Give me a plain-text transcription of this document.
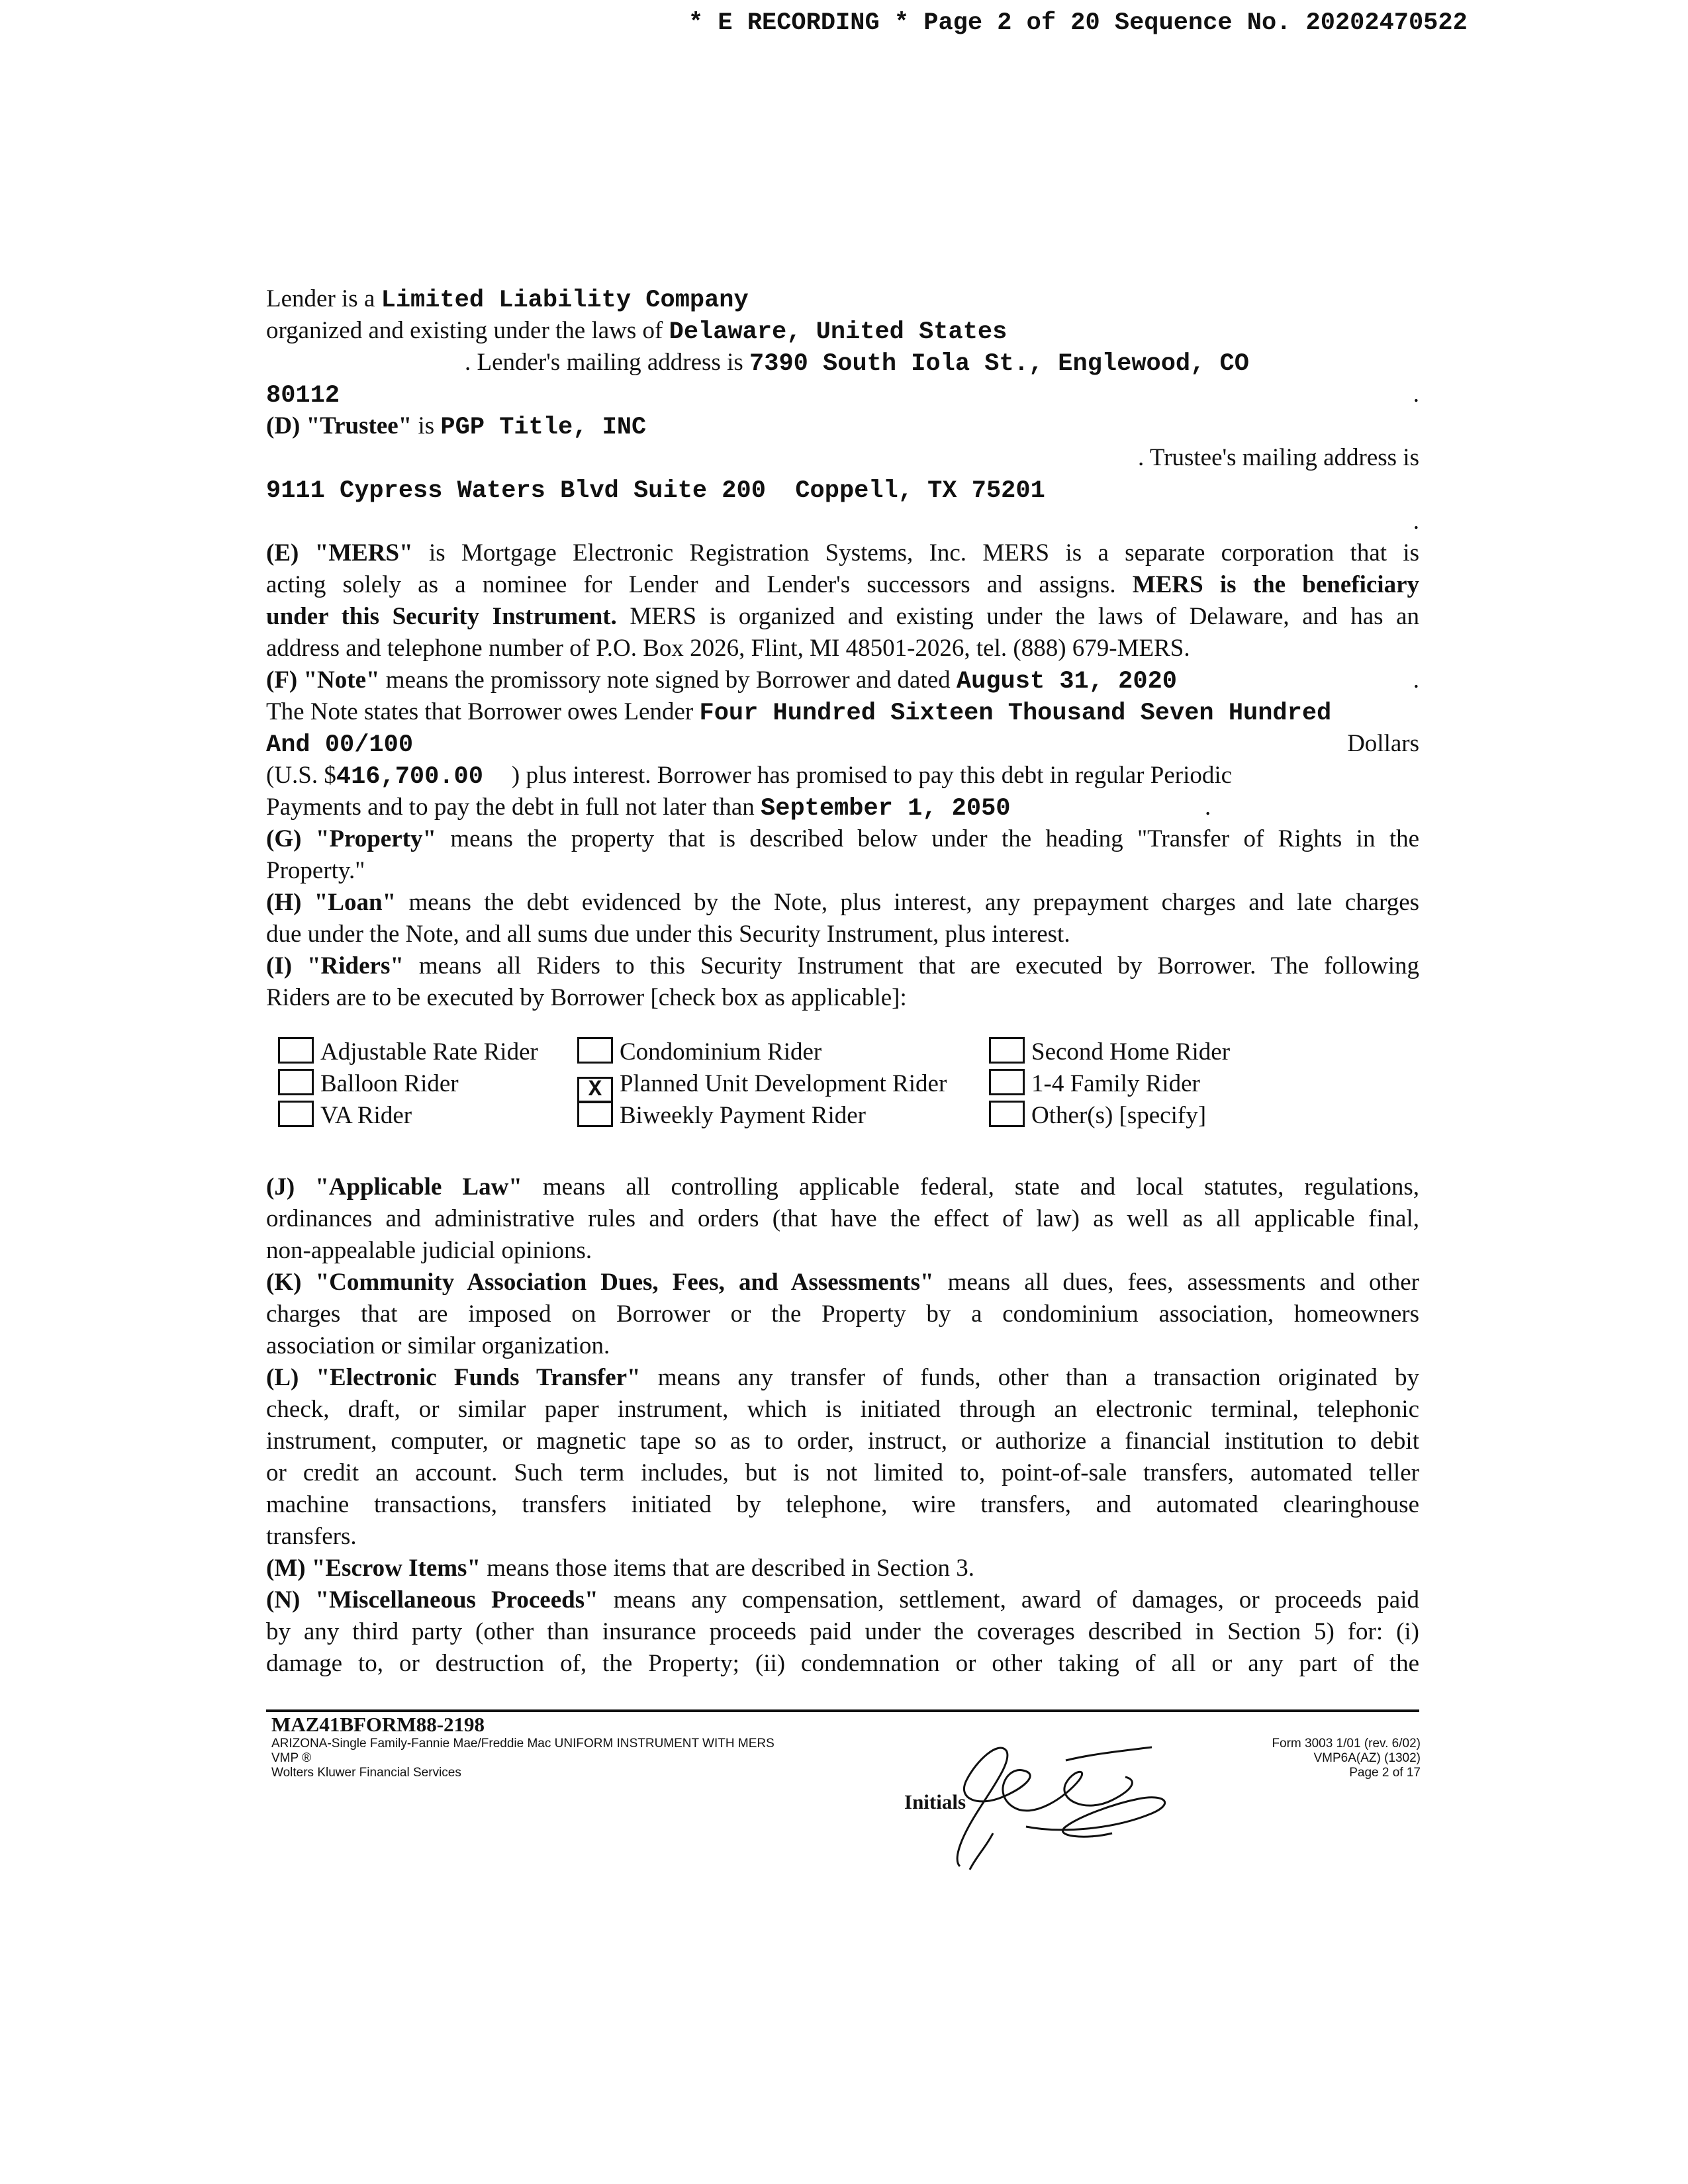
* E RECORDING * Page 2 of 20 Sequence No. 20202470522
Lender is a Limited Liability Company
organized and existing under the laws of Delaware, United States
. Lender's mailing address is 7390 South Iola St., Englewood, CO
80112	.
(D) "Trustee" is PGP Title, INC
. Trustee's mailing address is
9111 Cypress Waters Blvd Suite 200  Coppell, TX 75201
.
(E) "MERS" is Mortgage Electronic Registration Systems, Inc. MERS is a separate corporation that is
acting solely as a nominee for Lender and Lender's successors and assigns. MERS is the beneficiary
under this Security Instrument. MERS is organized and existing under the laws of Delaware, and has an
address and telephone number of P.O. Box 2026, Flint, MI 48501-2026, tel. (888) 679-MERS.
(F) "Note" means the promissory note signed by Borrower and dated August 31, 2020	.
The Note states that Borrower owes Lender Four Hundred Sixteen Thousand Seven Hundred
And 00/100	Dollars
(U.S. $416,700.00 ) plus interest. Borrower has promised to pay this debt in regular Periodic
Payments and to pay the debt in full not later than September 1, 2050	.
(G) "Property" means the property that is described below under the heading "Transfer of Rights in the
Property."
(H) "Loan" means the debt evidenced by the Note, plus interest, any prepayment charges and late charges
due under the Note, and all sums due under this Security Instrument, plus interest.
(I) "Riders" means all Riders to this Security Instrument that are executed by Borrower. The following
Riders are to be executed by Borrower [check box as applicable]:
Adjustable Rate Rider
Balloon Rider
VA Rider
Condominium Rider
X Planned Unit Development Rider
Biweekly Payment Rider
Second Home Rider
1-4 Family Rider
Other(s) [specify]
(J) "Applicable Law" means all controlling applicable federal, state and local statutes, regulations,
ordinances and administrative rules and orders (that have the effect of law) as well as all applicable final,
non-appealable judicial opinions.
(K) "Community Association Dues, Fees, and Assessments" means all dues, fees, assessments and other
charges that are imposed on Borrower or the Property by a condominium association, homeowners
association or similar organization.
(L) "Electronic Funds Transfer" means any transfer of funds, other than a transaction originated by
check, draft, or similar paper instrument, which is initiated through an electronic terminal, telephonic
instrument, computer, or magnetic tape so as to order, instruct, or authorize a financial institution to debit
or credit an account. Such term includes, but is not limited to, point-of-sale transfers, automated teller
machine transactions, transfers initiated by telephone, wire transfers, and automated clearinghouse
transfers.
(M) "Escrow Items" means those items that are described in Section 3.
(N) "Miscellaneous Proceeds" means any compensation, settlement, award of damages, or proceeds paid
by any third party (other than insurance proceeds paid under the coverages described in Section 5) for: (i)
damage to, or destruction of, the Property; (ii) condemnation or other taking of all or any part of the
MAZ41BFORM88-2198
ARIZONA-Single Family-Fannie Mae/Freddie Mac UNIFORM INSTRUMENT WITH MERS
VMP ®
Wolters Kluwer Financial Services
Form 3003 1/01 (rev. 6/02)
VMP6A(AZ) (1302)
Page 2 of 17
Initials
